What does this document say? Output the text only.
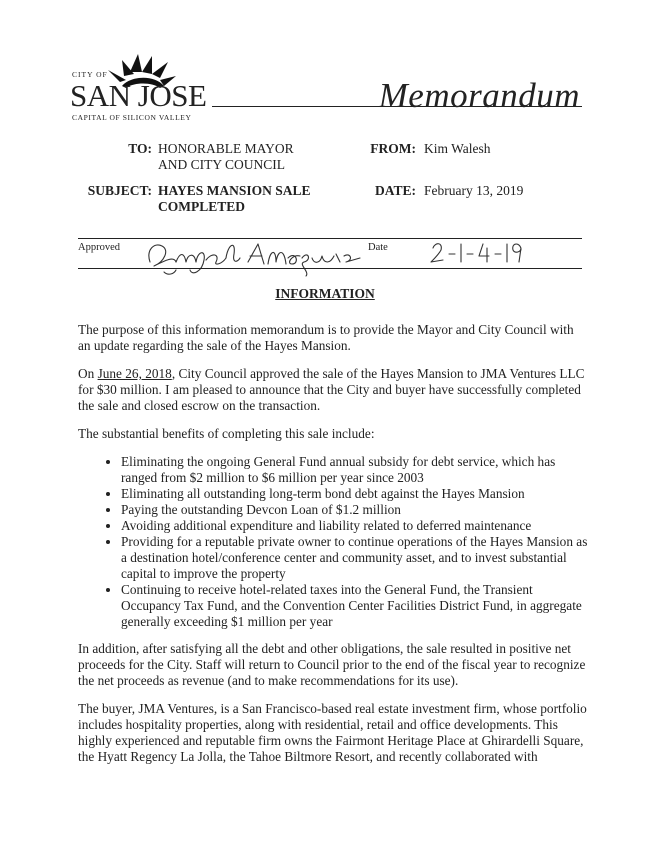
CITY OF
SAN JOSE
CAPITAL OF SILICON VALLEY
Memorandum
TO: HONORABLE MAYOR
AND CITY COUNCIL
FROM: Kim Walesh
SUBJECT: HAYES MANSION SALE
COMPLETED
DATE: February 13, 2019
Approved	Date
INFORMATION

The purpose of this information memorandum is to provide the Mayor and City Council with an update regarding the sale of the Hayes Mansion.

On June 26, 2018, City Council approved the sale of the Hayes Mansion to JMA Ventures LLC for $30 million. I am pleased to announce that the City and buyer have successfully completed the sale and closed escrow on the transaction.

The substantial benefits of completing this sale include:

• Eliminating the ongoing General Fund annual subsidy for debt service, which has ranged from $2 million to $6 million per year since 2003
• Eliminating all outstanding long-term bond debt against the Hayes Mansion
• Paying the outstanding Devcon Loan of $1.2 million
• Avoiding additional expenditure and liability related to deferred maintenance
• Providing for a reputable private owner to continue operations of the Hayes Mansion as a destination hotel/conference center and community asset, and to invest substantial capital to improve the property
• Continuing to receive hotel-related taxes into the General Fund, the Transient Occupancy Tax Fund, and the Convention Center Facilities District Fund, in aggregate generally exceeding $1 million per year

In addition, after satisfying all the debt and other obligations, the sale resulted in positive net proceeds for the City. Staff will return to Council prior to the end of the fiscal year to recognize the net proceeds as revenue (and to make recommendations for its use).

The buyer, JMA Ventures, is a San Francisco-based real estate investment firm, whose portfolio includes hospitality properties, along with residential, retail and office developments. This highly experienced and reputable firm owns the Fairmont Heritage Place at Ghirardelli Square, the Hyatt Regency La Jolla, the Tahoe Biltmore Resort, and recently collaborated with
